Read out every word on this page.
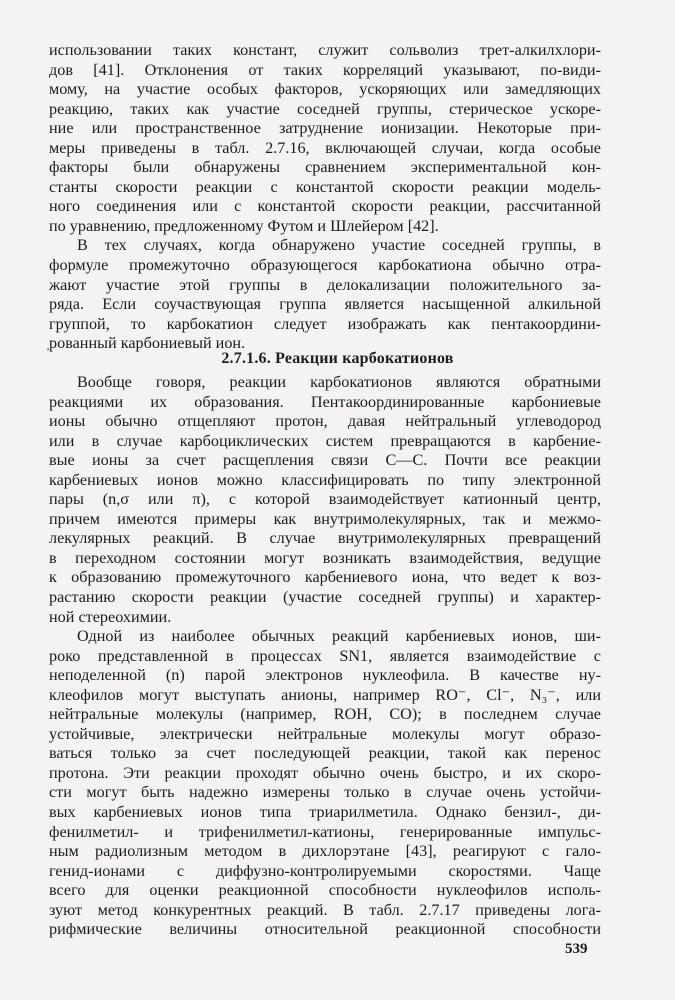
использовании таких констант, служит сольволиз трет-алкилхлори-
дов [41]. Отклонения от таких корреляций указывают, по-види-
мому, на участие особых факторов, ускоряющих или замедляющих
реакцию, таких как участие соседней группы, стерическое ускоре-
ние или пространственное затруднение ионизации. Некоторые при-
меры приведены в табл. 2.7.16, включающей случаи, когда особые
факторы были обнаружены сравнением экспериментальной кон-
станты скорости реакции с константой скорости реакции модель-
ного соединения или с константой скорости реакции, рассчитанной
по уравнению, предложенному Футом и Шлейером [42].
В тех случаях, когда обнаружено участие соседней группы, в
формуле промежуточно образующегося карбокатиона обычно отра-
жают участие этой группы в делокализации положительного за-
ряда. Если соучаствующая группа является насыщенной алкильной
группой, то карбокатион следует изображать как пентакоордини-
рованный карбониевый ион.
ʼ	2.7.1.6. Реакции карбокатионов
Вообще говоря, реакции карбокатионов являются обратными
реакциями их образования. Пентакоординированные карбониевые
ионы обычно отщепляют протон, давая нейтральный углеводород
или в случае карбоциклических систем превращаются в карбение-
вые ионы за счет расщепления связи С—С. Почти все реакции
карбениевых ионов можно классифицировать по типу электронной
пары (n,σ или π), с которой взаимодействует катионный центр,
причем имеются примеры как внутримолекулярных, так и межмо-
лекулярных реакций. В случае внутримолекулярных превращений
в переходном состоянии могут возникать взаимодействия, ведущие
к образованию промежуточного карбениевого иона, что ведет к воз-
растанию скорости реакции (участие соседней группы) и характер-
ной стереохимии.
Одной из наиболее обычных реакций карбениевых ионов, ши-
роко представленной в процессах SN1, является взаимодействие с
неподеленной (n) парой электронов нуклеофила. В качестве ну-
клеофилов могут выступать анионы, например RO⁻, Cl⁻, N₃⁻, или
нейтральные молекулы (например, ROH, CO); в последнем случае
устойчивые, электрически нейтральные молекулы могут образо-
ваться только за счет последующей реакции, такой как перенос
протона. Эти реакции проходят обычно очень быстро, и их скоро-
сти могут быть надежно измерены только в случае очень устойчи-
вых карбениевых ионов типа триарилметила. Однако бензил-, ди-
фенилметил- и трифенилметил-катионы, генерированные импульс-
ным радиолизным методом в дихлорэтане [43], реагируют с гало-
генид-ионами с диффузно-контролируемыми скоростями. Чаще
всего для оценки реакционной способности нуклеофилов исполь-
зуют метод конкурентных реакций. В табл. 2.7.17 приведены лога-
рифмические величины относительной реакционной способности
539
